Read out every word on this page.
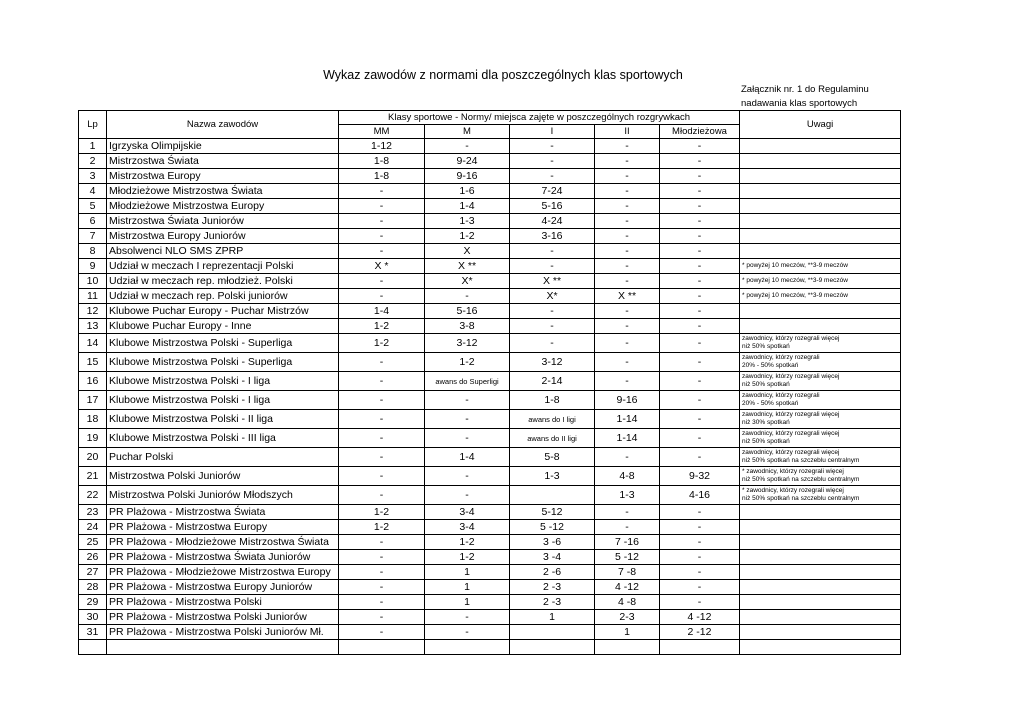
Wykaz zawodów z normami dla poszczególnych klas sportowych
Załącznik nr. 1 do Regulaminu
nadawania klas sportowych
Lp	Nazwa zawodów	Klasy sportowe - Normy/ miejsca zajęte w poszczególnych rozgrywkach					Uwagi
		MM	M	I	II	Młodzieżowa	
1	Igrzyska Olimpijskie	1-12	-	-	-	-	

2	Mistrzostwa Świata	1-8	9-24	-	-	-	

3	Mistrzostwa Europy	1-8	9-16	-	-	-	

4	Młodzieżowe Mistrzostwa Świata	-	1-6	7-24	-	-	

5	Młodzieżowe Mistrzostwa Europy	-	1-4	5-16	-	-	

6	Mistrzostwa Świata Juniorów	-	1-3	4-24	-	-	

7	Mistrzostwa Europy Juniorów	-	1-2	3-16	-	-	

8	Absolwenci NLO SMS ZPRP	-	X	-	-	-	

9	Udział w meczach I reprezentacji Polski	X *	X **	-	-	-	* powyżej 10 meczów, **3-9 meczów

10	Udział w meczach rep. młodzież. Polski	-	X*	X **	-	-	* powyżej 10 meczów, **3-9 meczów

11	Udział w meczach rep. Polski juniorów	-	-	X*	X **	-	* powyżej 10 meczów, **3-9 meczów

12	Klubowe Puchar Europy - Puchar Mistrzów	1-4	5-16	-	-	-	

13	Klubowe Puchar Europy - Inne	1-2	3-8	-	-	-	

14	Klubowe Mistrzostwa Polski - Superliga	1-2	3-12	-	-	-	zawodnicy, którzy rozegrali więcej
niż 50% spotkań

15	Klubowe Mistrzostwa Polski - Superliga	-	1-2	3-12	-	-	zawodnicy, którzy rozegrali
20% - 50% spotkań

16	Klubowe Mistrzostwa Polski - I liga	-	awans do Superligi	2-14	-	-	zawodnicy, którzy rozegrali więcej
niż 50% spotkań

17	Klubowe Mistrzostwa Polski - I liga	-	-	1-8	9-16	-	zawodnicy, którzy rozegrali
20% - 50% spotkań

18	Klubowe Mistrzostwa Polski - II liga	-	-	awans do I ligi	1-14	-	zawodnicy, którzy rozegrali więcej
niż 30% spotkań

19	Klubowe Mistrzostwa Polski - III liga	-	-	awans do II ligi	1-14	-	zawodnicy, którzy rozegrali więcej
niż 50% spotkań

20	Puchar Polski	-	1-4	5-8	-	-	zawodnicy, którzy rozegrali więcej
niż 50% spotkań na szczeblu centralnym

21	Mistrzostwa Polski Juniorów	-	-	1-3	4-8	9-32	* zawodnicy, którzy rozegrali więcej
niż 50% spotkań na szczeblu centralnym

22	Mistrzostwa Polski Juniorów Młodszych	-	-		1-3	4-16	* zawodnicy, którzy rozegrali więcej
niż 50% spotkań na szczeblu centralnym

23	PR Plażowa - Mistrzostwa Świata	1-2	3-4	5-12	-	-	

24	PR Plażowa - Mistrzostwa Europy	1-2	3-4	5 -12	-	-	

25	PR Plażowa - Młodzieżowe Mistrzostwa Świata	-	1-2	3 -6	7 -16	-	

26	PR Plażowa - Mistrzostwa Świata Juniorów	-	1-2	3 -4	5 -12	-	

27	PR Plażowa - Młodzieżowe Mistrzostwa Europy	-	1	2 -6	7 -8	-	

28	PR Plażowa - Mistrzostwa Europy Juniorów	-	1	2 -3	4 -12	-	

29	PR Plażowa - Mistrzostwa Polski	-	1	2 -3	4 -8	-	

30	PR Plażowa - Mistrzostwa Polski Juniorów	-	-	1	2-3	4 -12	

31	PR Plażowa - Mistrzostwa Polski Juniorów Mł.	-	-		1	2 -12	
